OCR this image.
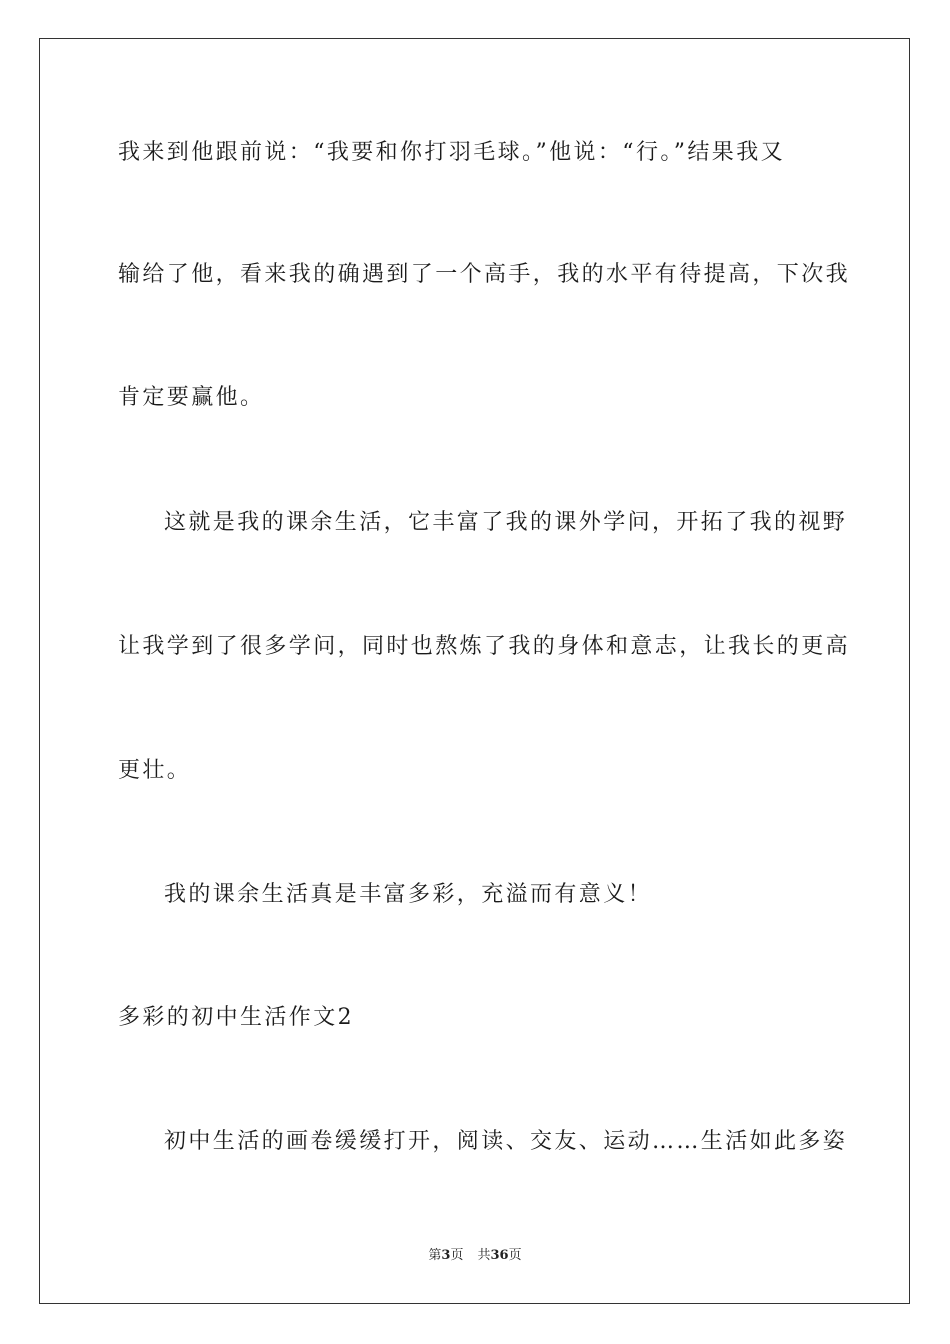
我来到他跟前说：“我要和你打羽毛球。”他说：“行。”结果我又
输给了他，看来我的确遇到了一个高手，我的水平有待提高，下次我
肯定要赢他。
这就是我的课余生活，它丰富了我的课外学问，开拓了我的视野
让我学到了很多学问，同时也熬炼了我的身体和意志，让我长的更高
更壮。
我的课余生活真是丰富多彩，充溢而有意义！
多彩的初中生活作文2
初中生活的画卷缓缓打开，阅读、交友、运动……生活如此多姿
第3页 共36页
